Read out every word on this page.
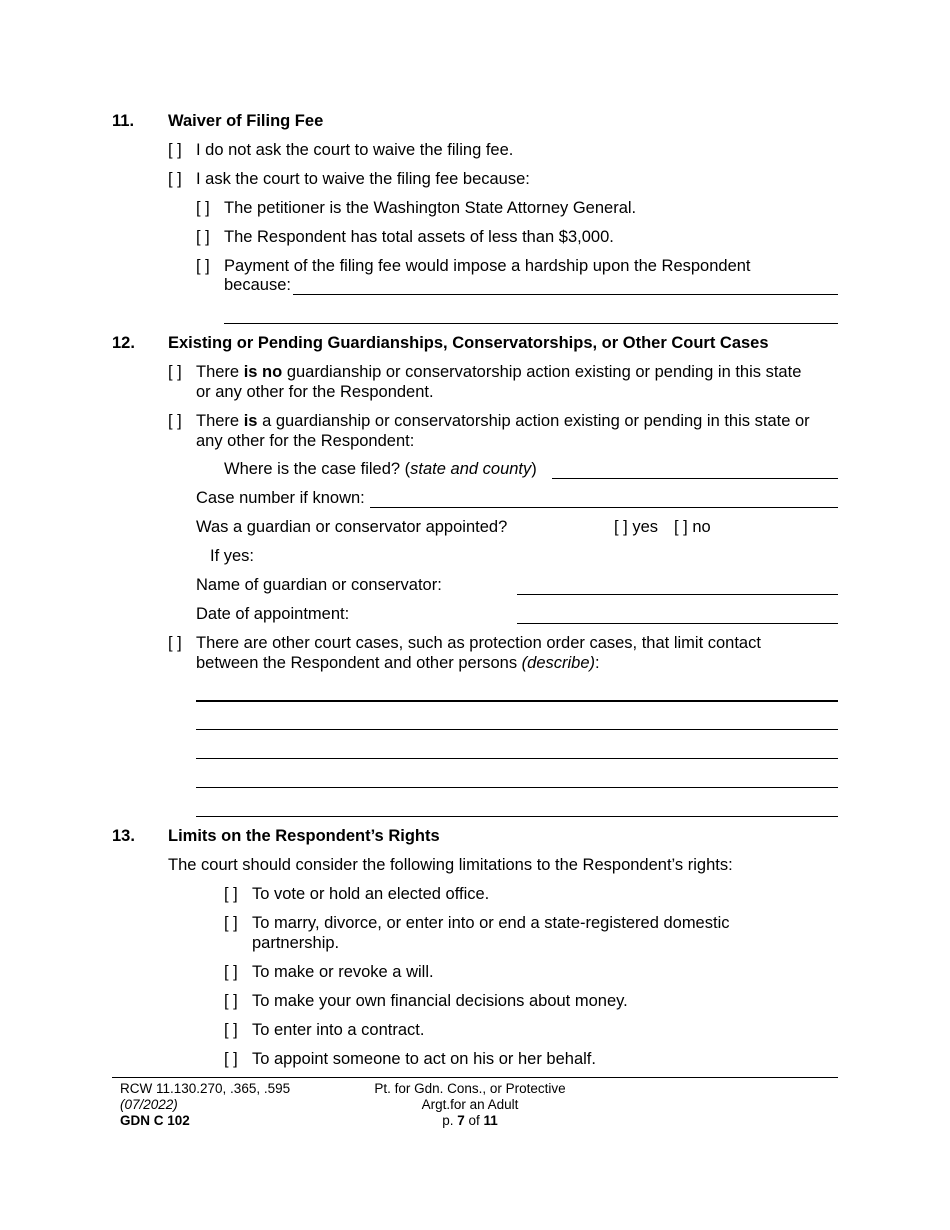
11. Waiver of Filing Fee
[ ] I do not ask the court to waive the filing fee.
[ ] I ask the court to waive the filing fee because:
[ ] The petitioner is the Washington State Attorney General.
[ ] The Respondent has total assets of less than $3,000.
[ ] Payment of the filing fee would impose a hardship upon the Respondent
because:
12. Existing or Pending Guardianships, Conservatorships, or Other Court Cases
[ ] There is no guardianship or conservatorship action existing or pending in this state
or any other for the Respondent.
[ ] There is a guardianship or conservatorship action existing or pending in this state or
any other for the Respondent:
Where is the case filed? (state and county)
Case number if known:
Was a guardian or conservator appointed?	[ ] yes [ ] no
If yes:
Name of guardian or conservator:
Date of appointment:
[ ] There are other court cases, such as protection order cases, that limit contact
between the Respondent and other persons (describe):
13. Limits on the Respondent’s Rights
The court should consider the following limitations to the Respondent’s rights:
[ ] To vote or hold an elected office.
[ ] To marry, divorce, or enter into or end a state-registered domestic
partnership.
[ ] To make or revoke a will.
[ ] To make your own financial decisions about money.
[ ] To enter into a contract.
[ ] To appoint someone to act on his or her behalf.
RCW 11.130.270, .365, .595
(07/2022)
GDN C 102
Pt. for Gdn. Cons., or Protective
Argt.for an Adult
p. 7 of 11
